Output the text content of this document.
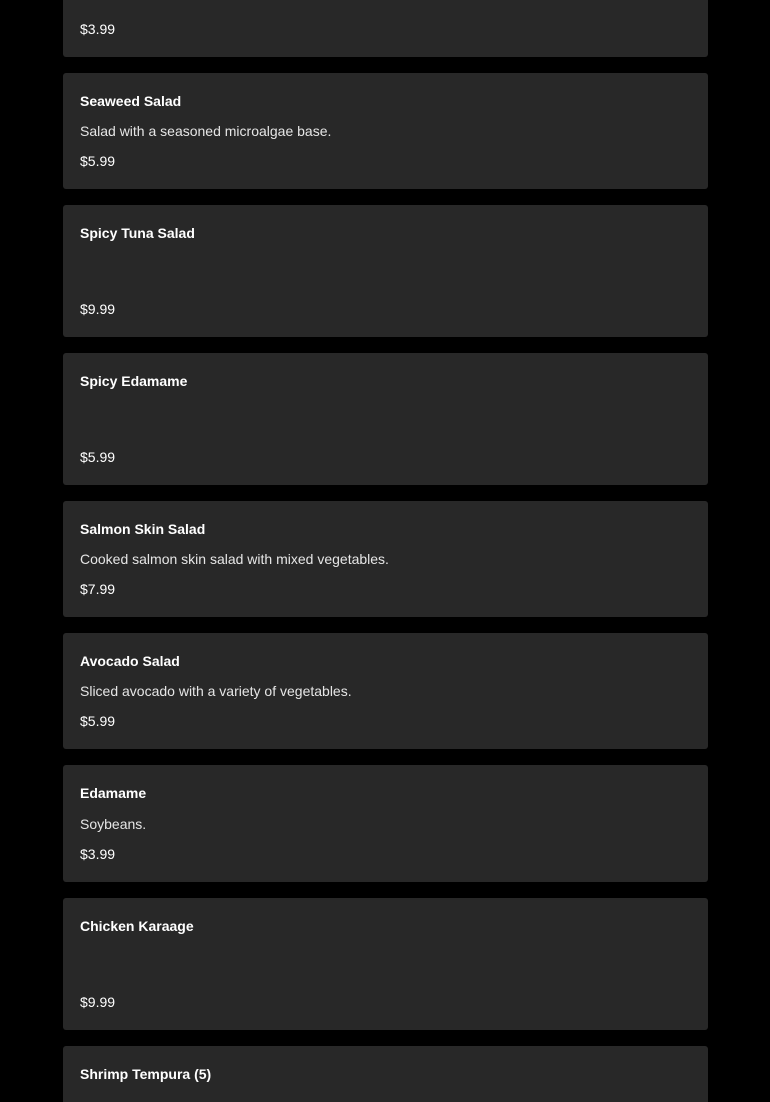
$3.99
Seaweed Salad
Salad with a seasoned microalgae base.
$5.99
Spicy Tuna Salad
$9.99
Spicy Edamame
$5.99
Salmon Skin Salad
Cooked salmon skin salad with mixed vegetables.
$7.99
Avocado Salad
Sliced avocado with a variety of vegetables.
$5.99
Edamame
Soybeans.
$3.99
Chicken Karaage
$9.99
Shrimp Tempura (5)
